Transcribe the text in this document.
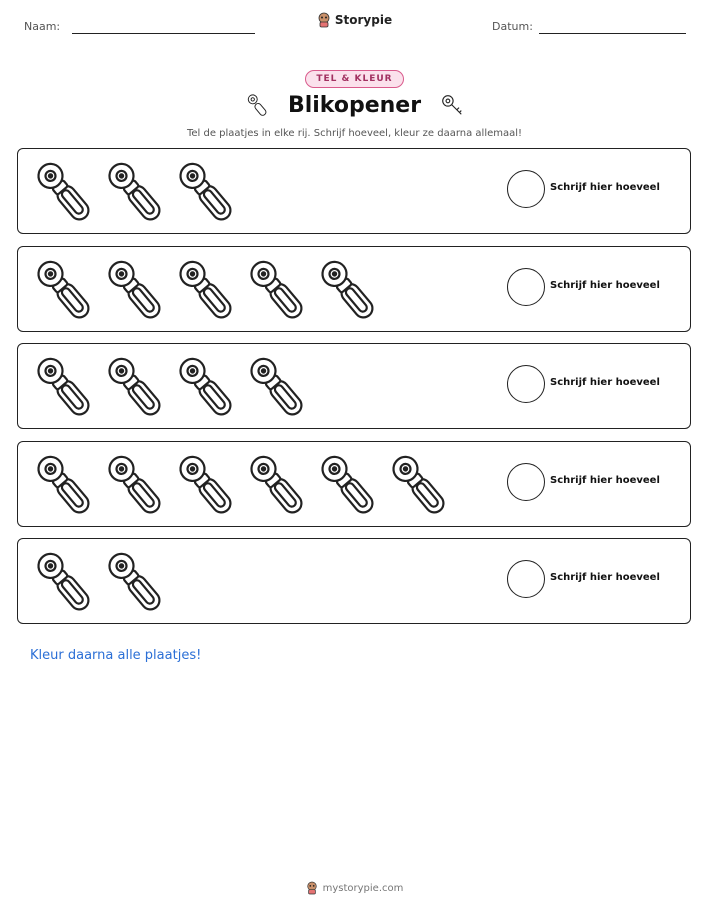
Naam:	Storypie	Datum:
TEL & KLEUR
Blikopener
Tel de plaatjes in elke rij. Schrijf hoeveel, kleur ze daarna allemaal!
Schrijf hier hoeveel
Schrijf hier hoeveel
Schrijf hier hoeveel
Schrijf hier hoeveel
Schrijf hier hoeveel
Kleur daarna alle plaatjes!
mystorypie.com
